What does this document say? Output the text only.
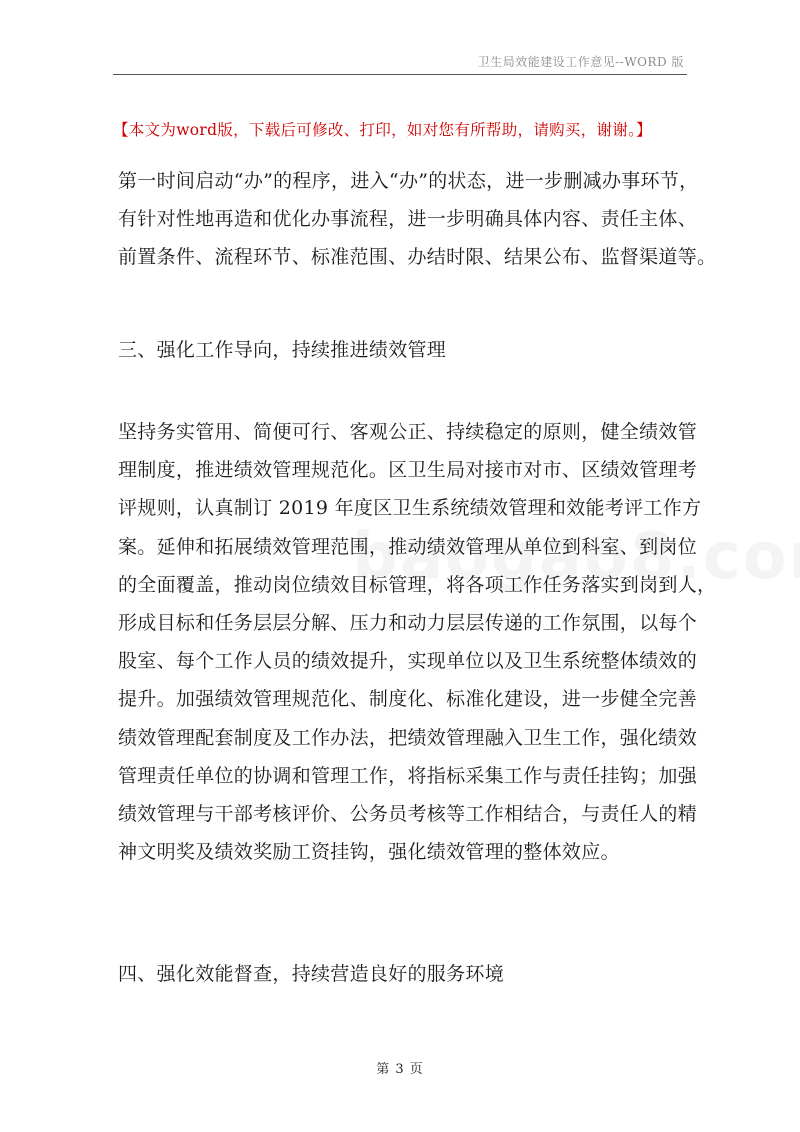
卫生局效能建设工作意见--WORD 版
【本文为word版，下载后可修改、打印，如对您有所帮助，请购买，谢谢。】
第一时间启动“办”的程序，进入“办”的状态，进一步删减办事环节，
有针对性地再造和优化办事流程，进一步明确具体内容、责任主体、
前置条件、流程环节、标准范围、办结时限、结果公布、监督渠道等。
三、强化工作导向，持续推进绩效管理
坚持务实管用、简便可行、客观公正、持续稳定的原则，健全绩效管
理制度，推进绩效管理规范化。区卫生局对接市对市、区绩效管理考
评规则，认真制订 2019 年度区卫生系统绩效管理和效能考评工作方
案。延伸和拓展绩效管理范围，推动绩效管理从单位到科室、到岗位
的全面覆盖，推动岗位绩效目标管理，将各项工作任务落实到岗到人，
形成目标和任务层层分解、压力和动力层层传递的工作氛围，以每个
股室、每个工作人员的绩效提升，实现单位以及卫生系统整体绩效的
提升。加强绩效管理规范化、制度化、标准化建设，进一步健全完善
绩效管理配套制度及工作办法，把绩效管理融入卫生工作，强化绩效
管理责任单位的协调和管理工作，将指标采集工作与责任挂钩；加强
绩效管理与干部考核评价、公务员考核等工作相结合，与责任人的精
神文明奖及绩效奖励工资挂钩，强化绩效管理的整体效应。
四、强化效能督查，持续营造良好的服务环境
第 3 页
